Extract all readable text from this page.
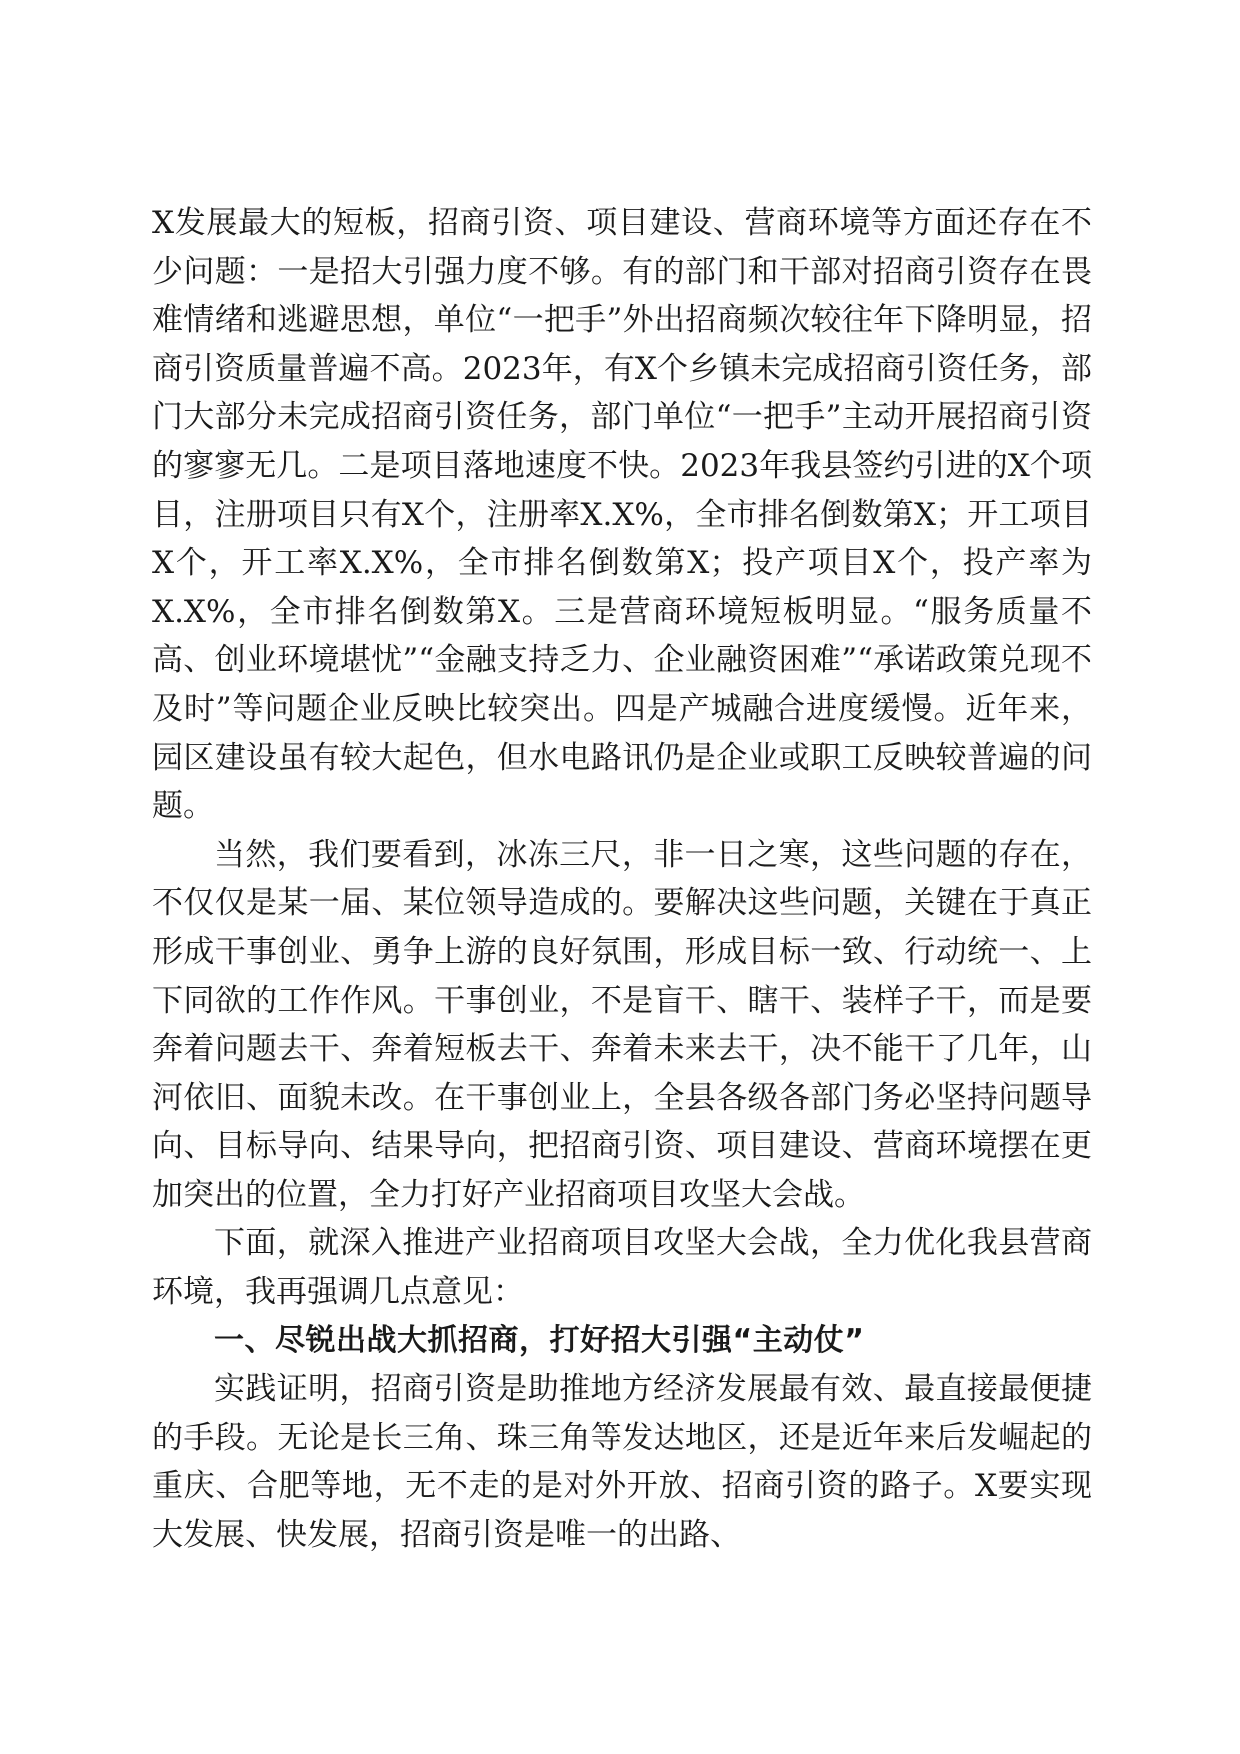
X发展最大的短板，招商引资、项目建设、营商环境等方面还存在不少问题：一是招大引强力度不够。有的部门和干部对招商引资存在畏难情绪和逃避思想，单位“一把手”外出招商频次较往年下降明显，招商引资质量普遍不高。2023年，有X个乡镇未完成招商引资任务，部门大部分未完成招商引资任务，部门单位“一把手”主动开展招商引资的寥寥无几。二是项目落地速度不快。2023年我县签约引进的X个项目，注册项目只有X个，注册率X.X%，全市排名倒数第X；开工项目X个，开工率X.X%，全市排名倒数第X；投产项目X个，投产率为X.X%，全市排名倒数第X。三是营商环境短板明显。“服务质量不高、创业环境堪忧”“金融支持乏力、企业融资困难”“承诺政策兑现不及时”等问题企业反映比较突出。四是产城融合进度缓慢。近年来，园区建设虽有较大起色，但水电路讯仍是企业或职工反映较普遍的问题。

当然，我们要看到，冰冻三尺，非一日之寒，这些问题的存在，不仅仅是某一届、某位领导造成的。要解决这些问题，关键在于真正形成干事创业、勇争上游的良好氛围，形成目标一致、行动统一、上下同欲的工作作风。干事创业，不是盲干、瞎干、装样子干，而是要奔着问题去干、奔着短板去干、奔着未来去干，决不能干了几年，山河依旧、面貌未改。在干事创业上，全县各级各部门务必坚持问题导向、目标导向、结果导向，把招商引资、项目建设、营商环境摆在更加突出的位置，全力打好产业招商项目攻坚大会战。

下面，就深入推进产业招商项目攻坚大会战，全力优化我县营商环境，我再强调几点意见：

一、尽锐出战大抓招商，打好招大引强“主动仗”

实践证明，招商引资是助推地方经济发展最有效、最直接最便捷的手段。无论是长三角、珠三角等发达地区，还是近年来后发崛起的重庆、合肥等地，无不走的是对外开放、招商引资的路子。X要实现大发展、快发展，招商引资是唯一的出路、
